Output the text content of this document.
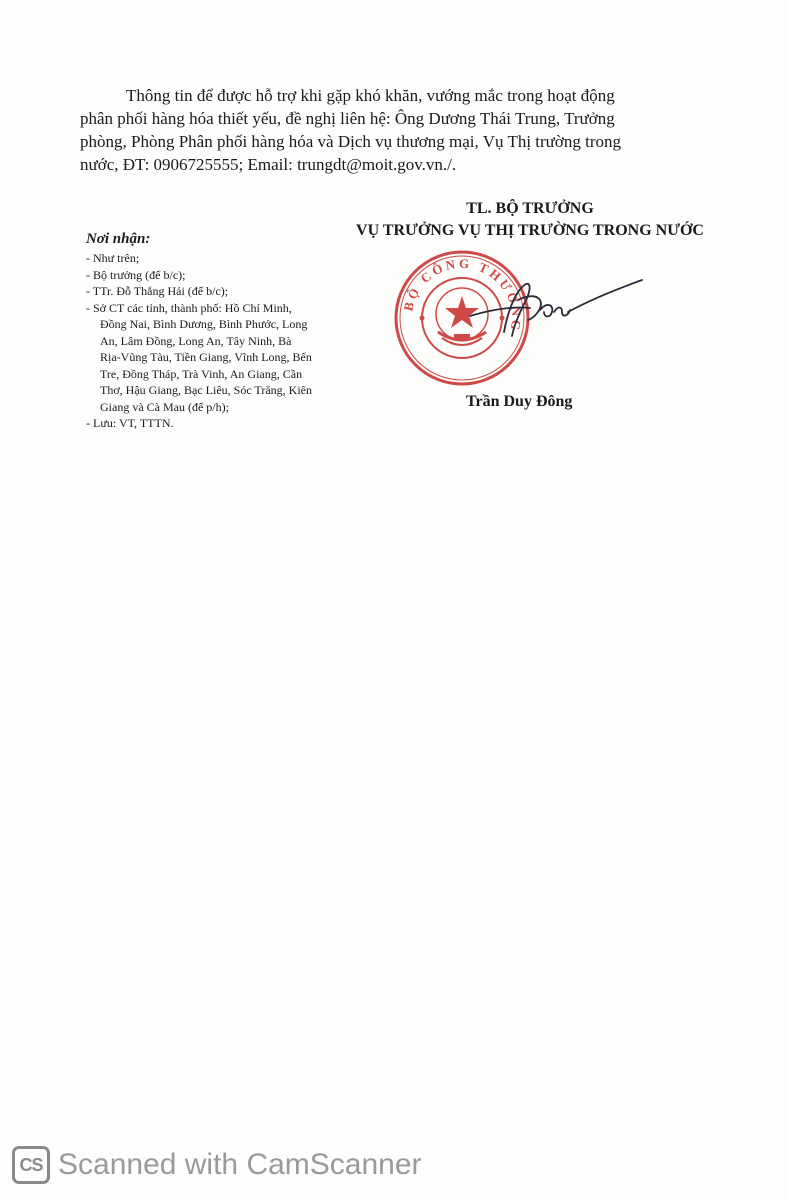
Thông tin để được hỗ trợ khi gặp khó khăn, vướng mắc trong hoạt động
phân phối hàng hóa thiết yếu, đề nghị liên hệ: Ông Dương Thái Trung, Trưởng
phòng, Phòng Phân phối hàng hóa và Dịch vụ thương mại, Vụ Thị trường trong
nước, ĐT: 0906725555; Email: trungdt@moit.gov.vn./.

TL. BỘ TRƯỞNG
VỤ TRƯỞNG VỤ THỊ TRƯỜNG TRONG NƯỚC
Nơi nhận:
- Như trên;
- Bộ trưởng (để b/c);
- TTr. Đỗ Thắng Hải (để b/c);
- Sở CT các tỉnh, thành phố: Hồ Chí Minh, Đồng Nai, Bình Dương, Bình Phước, Long An, Lâm Đồng, Long An, Tây Ninh, Bà Rịa-Vũng Tàu, Tiền Giang, Vĩnh Long, Bến Tre, Đồng Tháp, Trà Vinh, An Giang, Cần Thơ, Hậu Giang, Bạc Liêu, Sóc Trăng, Kiên Giang và Cà Mau (để p/h);
- Lưu: VT, TTTN.
BỘ CÔNG THƯƠNG
Trần Duy Đông
CS Scanned with CamScanner
